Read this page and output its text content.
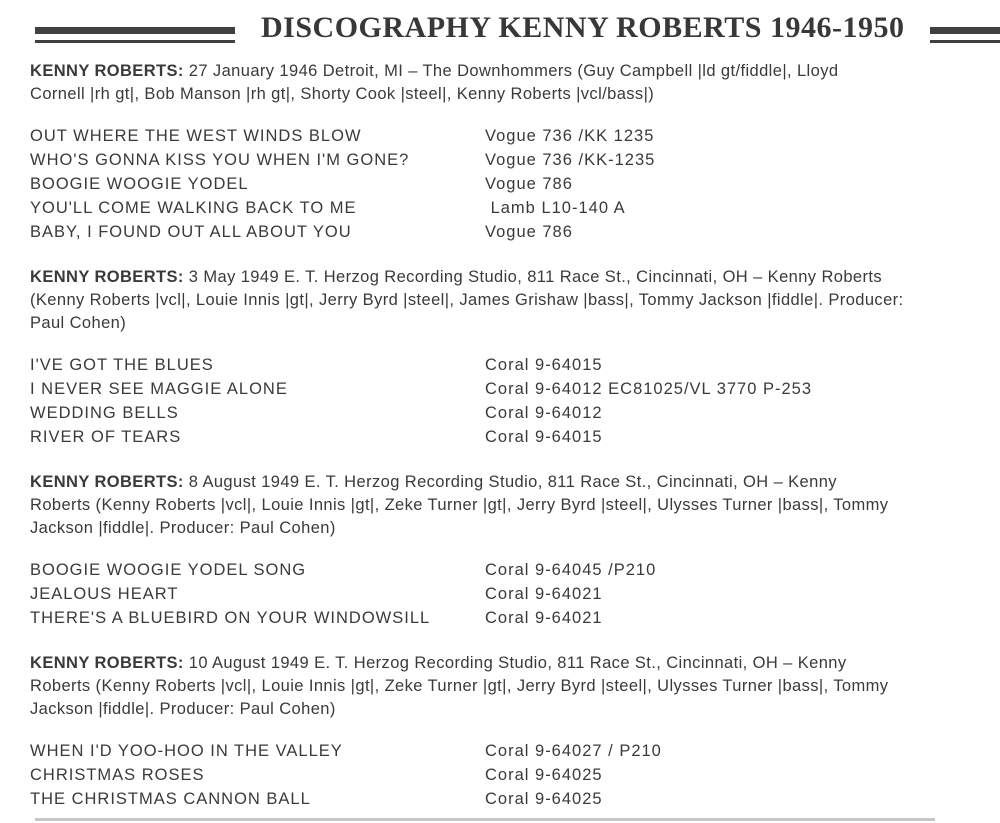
DISCOGRAPHY KENNY ROBERTS 1946-1950

KENNY ROBERTS: 27 January 1946 Detroit, MI – The Downhommers (Guy Campbell |ld gt/fiddle|, Lloyd
Cornell |rh gt|, Bob Manson |rh gt|, Shorty Cook |steel|, Kenny Roberts |vcl/bass|)

OUT WHERE THE WEST WINDS BLOW	Vogue 736 /KK 1235
WHO'S GONNA KISS YOU WHEN I'M GONE?	Vogue 736 /KK-1235
BOOGIE WOOGIE YODEL	Vogue 786
YOU'LL COME WALKING BACK TO ME	Lamb L10-140 A
BABY, I FOUND OUT ALL ABOUT YOU	Vogue 786

KENNY ROBERTS: 3 May 1949 E. T. Herzog Recording Studio, 811 Race St., Cincinnati, OH – Kenny Roberts
(Kenny Roberts |vcl|, Louie Innis |gt|, Jerry Byrd |steel|, James Grishaw |bass|, Tommy Jackson |fiddle|. Producer:
Paul Cohen)

I'VE GOT THE BLUES	Coral 9-64015
I NEVER SEE MAGGIE ALONE	Coral 9-64012 EC81025/VL 3770 P-253
WEDDING BELLS	Coral 9-64012
RIVER OF TEARS	Coral 9-64015

KENNY ROBERTS: 8 August 1949 E. T. Herzog Recording Studio, 811 Race St., Cincinnati, OH – Kenny
Roberts (Kenny Roberts |vcl|, Louie Innis |gt|, Zeke Turner |gt|, Jerry Byrd |steel|, Ulysses Turner |bass|, Tommy
Jackson |fiddle|. Producer: Paul Cohen)

BOOGIE WOOGIE YODEL SONG	Coral 9-64045 /P210
JEALOUS HEART	Coral 9-64021
THERE'S A BLUEBIRD ON YOUR WINDOWSILL	Coral 9-64021

KENNY ROBERTS: 10 August 1949 E. T. Herzog Recording Studio, 811 Race St., Cincinnati, OH – Kenny
Roberts (Kenny Roberts |vcl|, Louie Innis |gt|, Zeke Turner |gt|, Jerry Byrd |steel|, Ulysses Turner |bass|, Tommy
Jackson |fiddle|. Producer: Paul Cohen)

WHEN I'D YOO-HOO IN THE VALLEY	Coral 9-64027 / P210
CHRISTMAS ROSES	Coral 9-64025
THE CHRISTMAS CANNON BALL	Coral 9-64025
